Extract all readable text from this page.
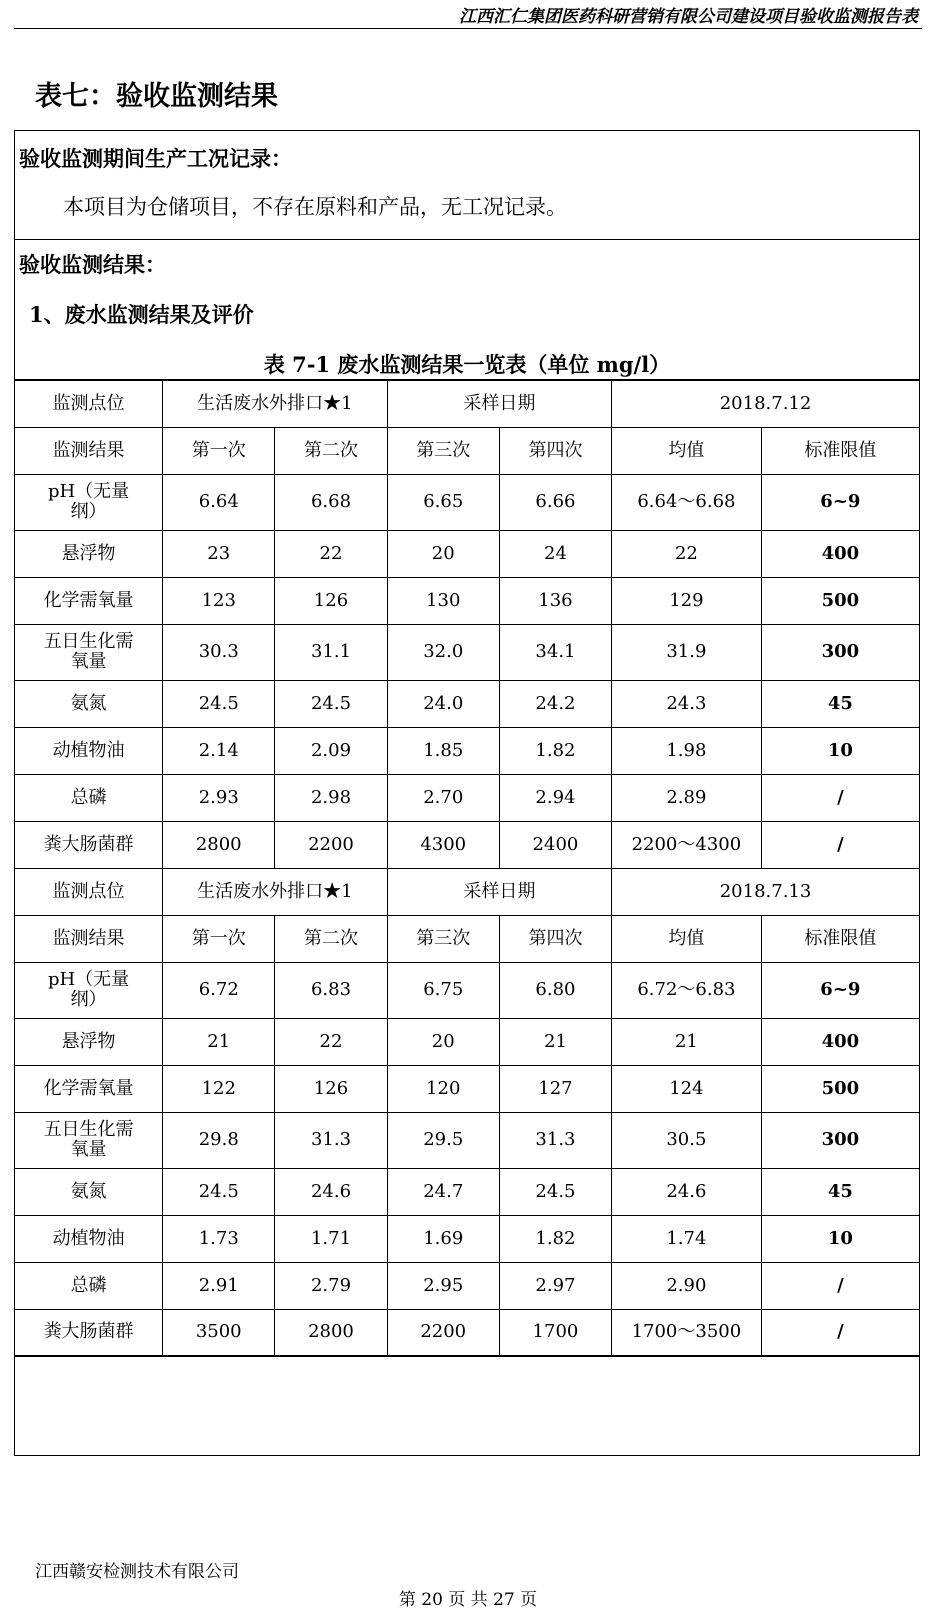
江西汇仁集团医药科研营销有限公司建设项目验收监测报告表
表七：验收监测结果
验收监测期间生产工况记录：
本项目为仓储项目，不存在原料和产品，无工况记录。
验收监测结果：
1、废水监测结果及评价
表 7-1 废水监测结果一览表（单位 mg/l）
监测点位	生活废水外排口★1		采样日期		2018.7.12	
监测结果	第一次	第二次	第三次	第四次	均值	标准限值
pH（无量纲）	6.64	6.68	6.65	6.66	6.64～6.68	6~9
悬浮物	23	22	20	24	22	400
化学需氧量	123	126	130	136	129	500
五日生化需氧量	30.3	31.1	32.0	34.1	31.9	300
氨氮	24.5	24.5	24.0	24.2	24.3	45
动植物油	2.14	2.09	1.85	1.82	1.98	10
总磷	2.93	2.98	2.70	2.94	2.89	/
粪大肠菌群	2800	2200	4300	2400	2200～4300	/
监测点位	生活废水外排口★1		采样日期		2018.7.13	
监测结果	第一次	第二次	第三次	第四次	均值	标准限值
pH（无量纲）	6.72	6.83	6.75	6.80	6.72～6.83	6~9
悬浮物	21	22	20	21	21	400
化学需氧量	122	126	120	127	124	500
五日生化需氧量	29.8	31.3	29.5	31.3	30.5	300
氨氮	24.5	24.6	24.7	24.5	24.6	45
动植物油	1.73	1.71	1.69	1.82	1.74	10
总磷	2.91	2.79	2.95	2.97	2.90	/
粪大肠菌群	3500	2800	2200	1700	1700～3500	/
江西赣安检测技术有限公司
第 20 页 共 27 页
